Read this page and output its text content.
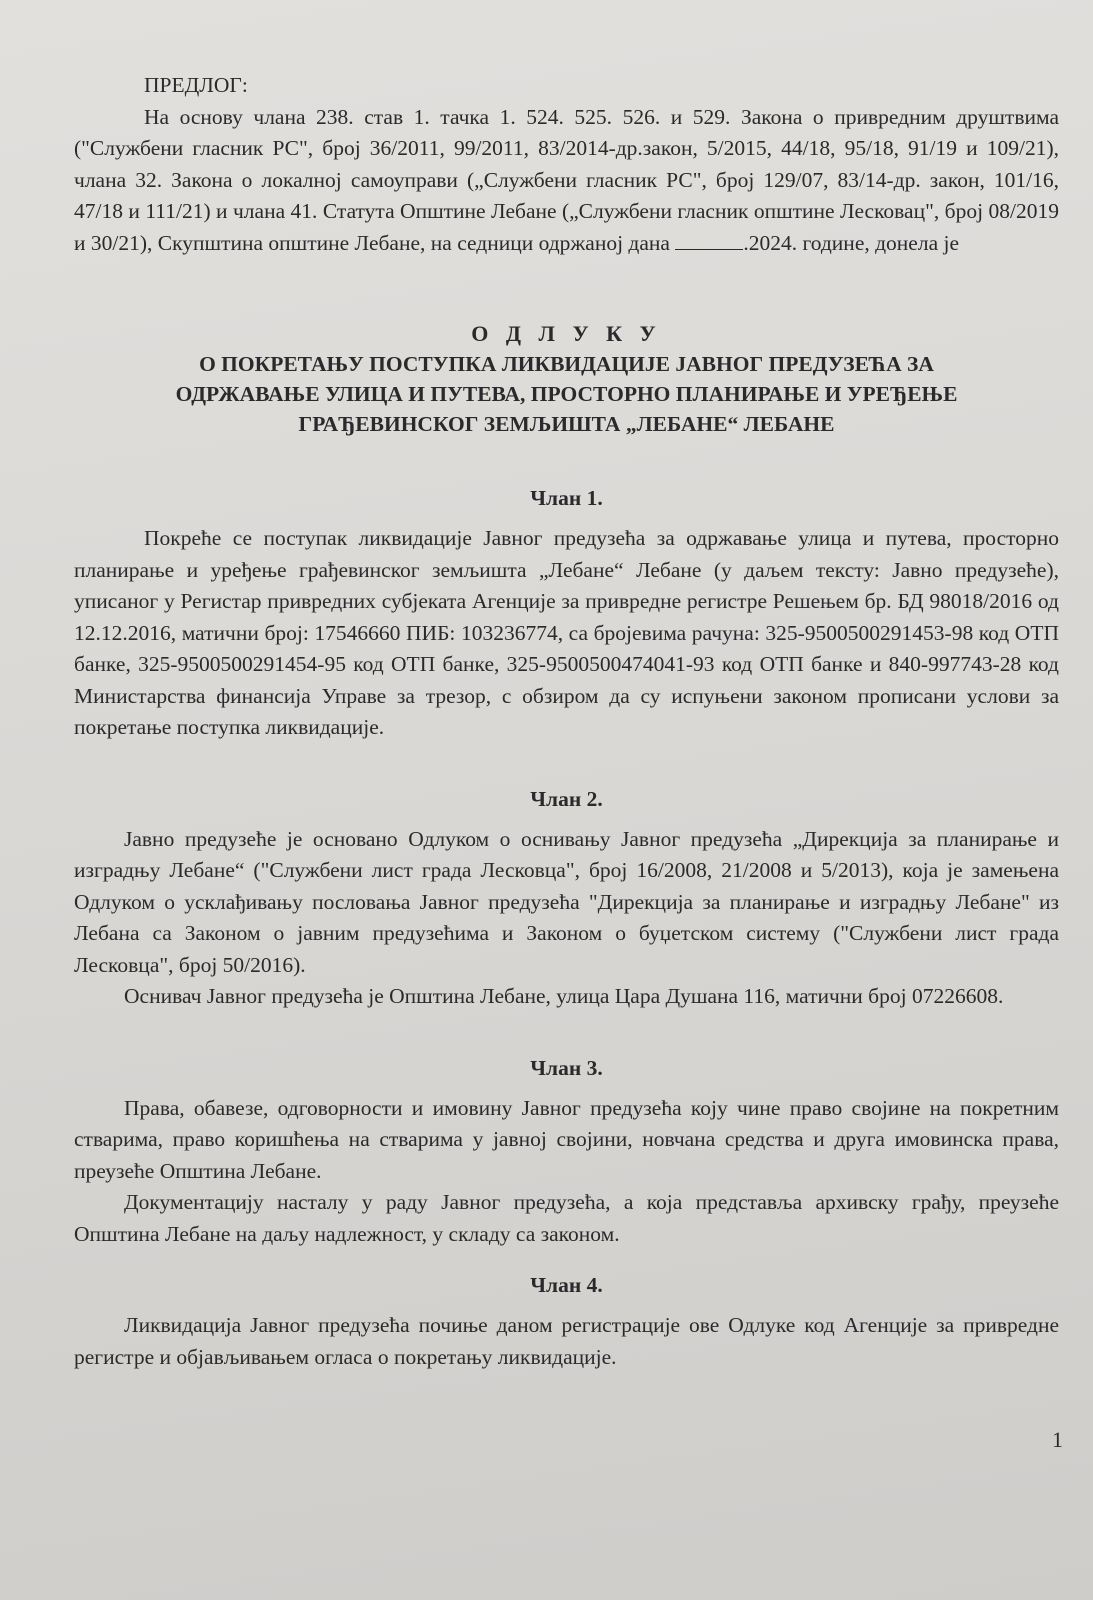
ПРЕДЛОГ:

На основу члана 238. став 1. тачка 1. 524. 525. 526. и 529. Закона о привредним друштвима ("Службени гласник РС", број 36/2011, 99/2011, 83/2014-др.закон, 5/2015, 44/18, 95/18, 91/19 и 109/21), члана 32. Закона о локалној самоуправи („Службени гласник РС", број 129/07, 83/14-др. закон, 101/16, 47/18 и 111/21) и члана 41. Статута Општине Лебане („Службени гласник општине Лесковац", број 08/2019 и 30/21), Скупштина општине Лебане, на седници одржаној дана	.2024. године, донела је

О Д Л У К У
О ПОКРЕТАЊУ ПОСТУПКА ЛИКВИДАЦИЈЕ ЈАВНОГ ПРЕДУЗЕЋА ЗА
ОДРЖАВАЊЕ УЛИЦА И ПУТЕВА, ПРОСТОРНО ПЛАНИРАЊЕ И УРЕЂЕЊЕ
ГРАЂЕВИНСКОГ ЗЕМЉИШТА „ЛЕБАНЕ“ ЛЕБАНЕ
Члан 1.

Покреће се поступак ликвидације Јавног предузећа за одржавање улица и путева, просторно планирање и уређење грађевинског земљишта „Лебане“ Лебане (у даљем тексту: Јавно предузеће), уписаног у Регистар привредних субјеката Агенције за привредне регистре Решењем бр. БД 98018/2016 од 12.12.2016, матични број: 17546660 ПИБ: 103236774, са бројевима рачуна: 325-9500500291453-98 код ОТП банке, 325-9500500291454-95 код ОТП банке, 325-9500500474041-93 код ОТП банке и 840-997743-28 код Министарства финансија Управе за трезор, с обзиром да су испуњени законом прописани услови за покретање поступка ликвидације.

Члан 2.

Јавно предузеће је основано Одлуком о оснивању Јавног предузећа „Дирекција за планирање и изградњу Лебане“ ("Службени лист града Лесковца", број 16/2008, 21/2008 и 5/2013), која је замењена Одлуком о усклађивању пословања Јавног предузећа "Дирекција за планирање и изградњу Лебане" из Лебана са Законом о јавним предузећима и Законом о буџетском систему ("Службени лист града Лесковца", број 50/2016).

Оснивач Јавног предузећа је Општина Лебане, улица Цара Душана 116, матични број 07226608.

Члан 3.

Права, обавезе, одговорности и имовину Јавног предузећа коју чине право својине на покретним стварима, право коришћења на стварима у јавној својини, новчана средства и друга имовинска права, преузеће Општина Лебане.

Документацију насталу у раду Јавног предузећа, а која представља архивску грађу, преузеће Општина Лебане на даљу надлежност, у складу са законом.

Члан 4.

Ликвидација Јавног предузећа почиње даном регистрације ове Одлуке код Агенције за привредне регистре и објављивањем огласа о покретању ликвидације.

1
